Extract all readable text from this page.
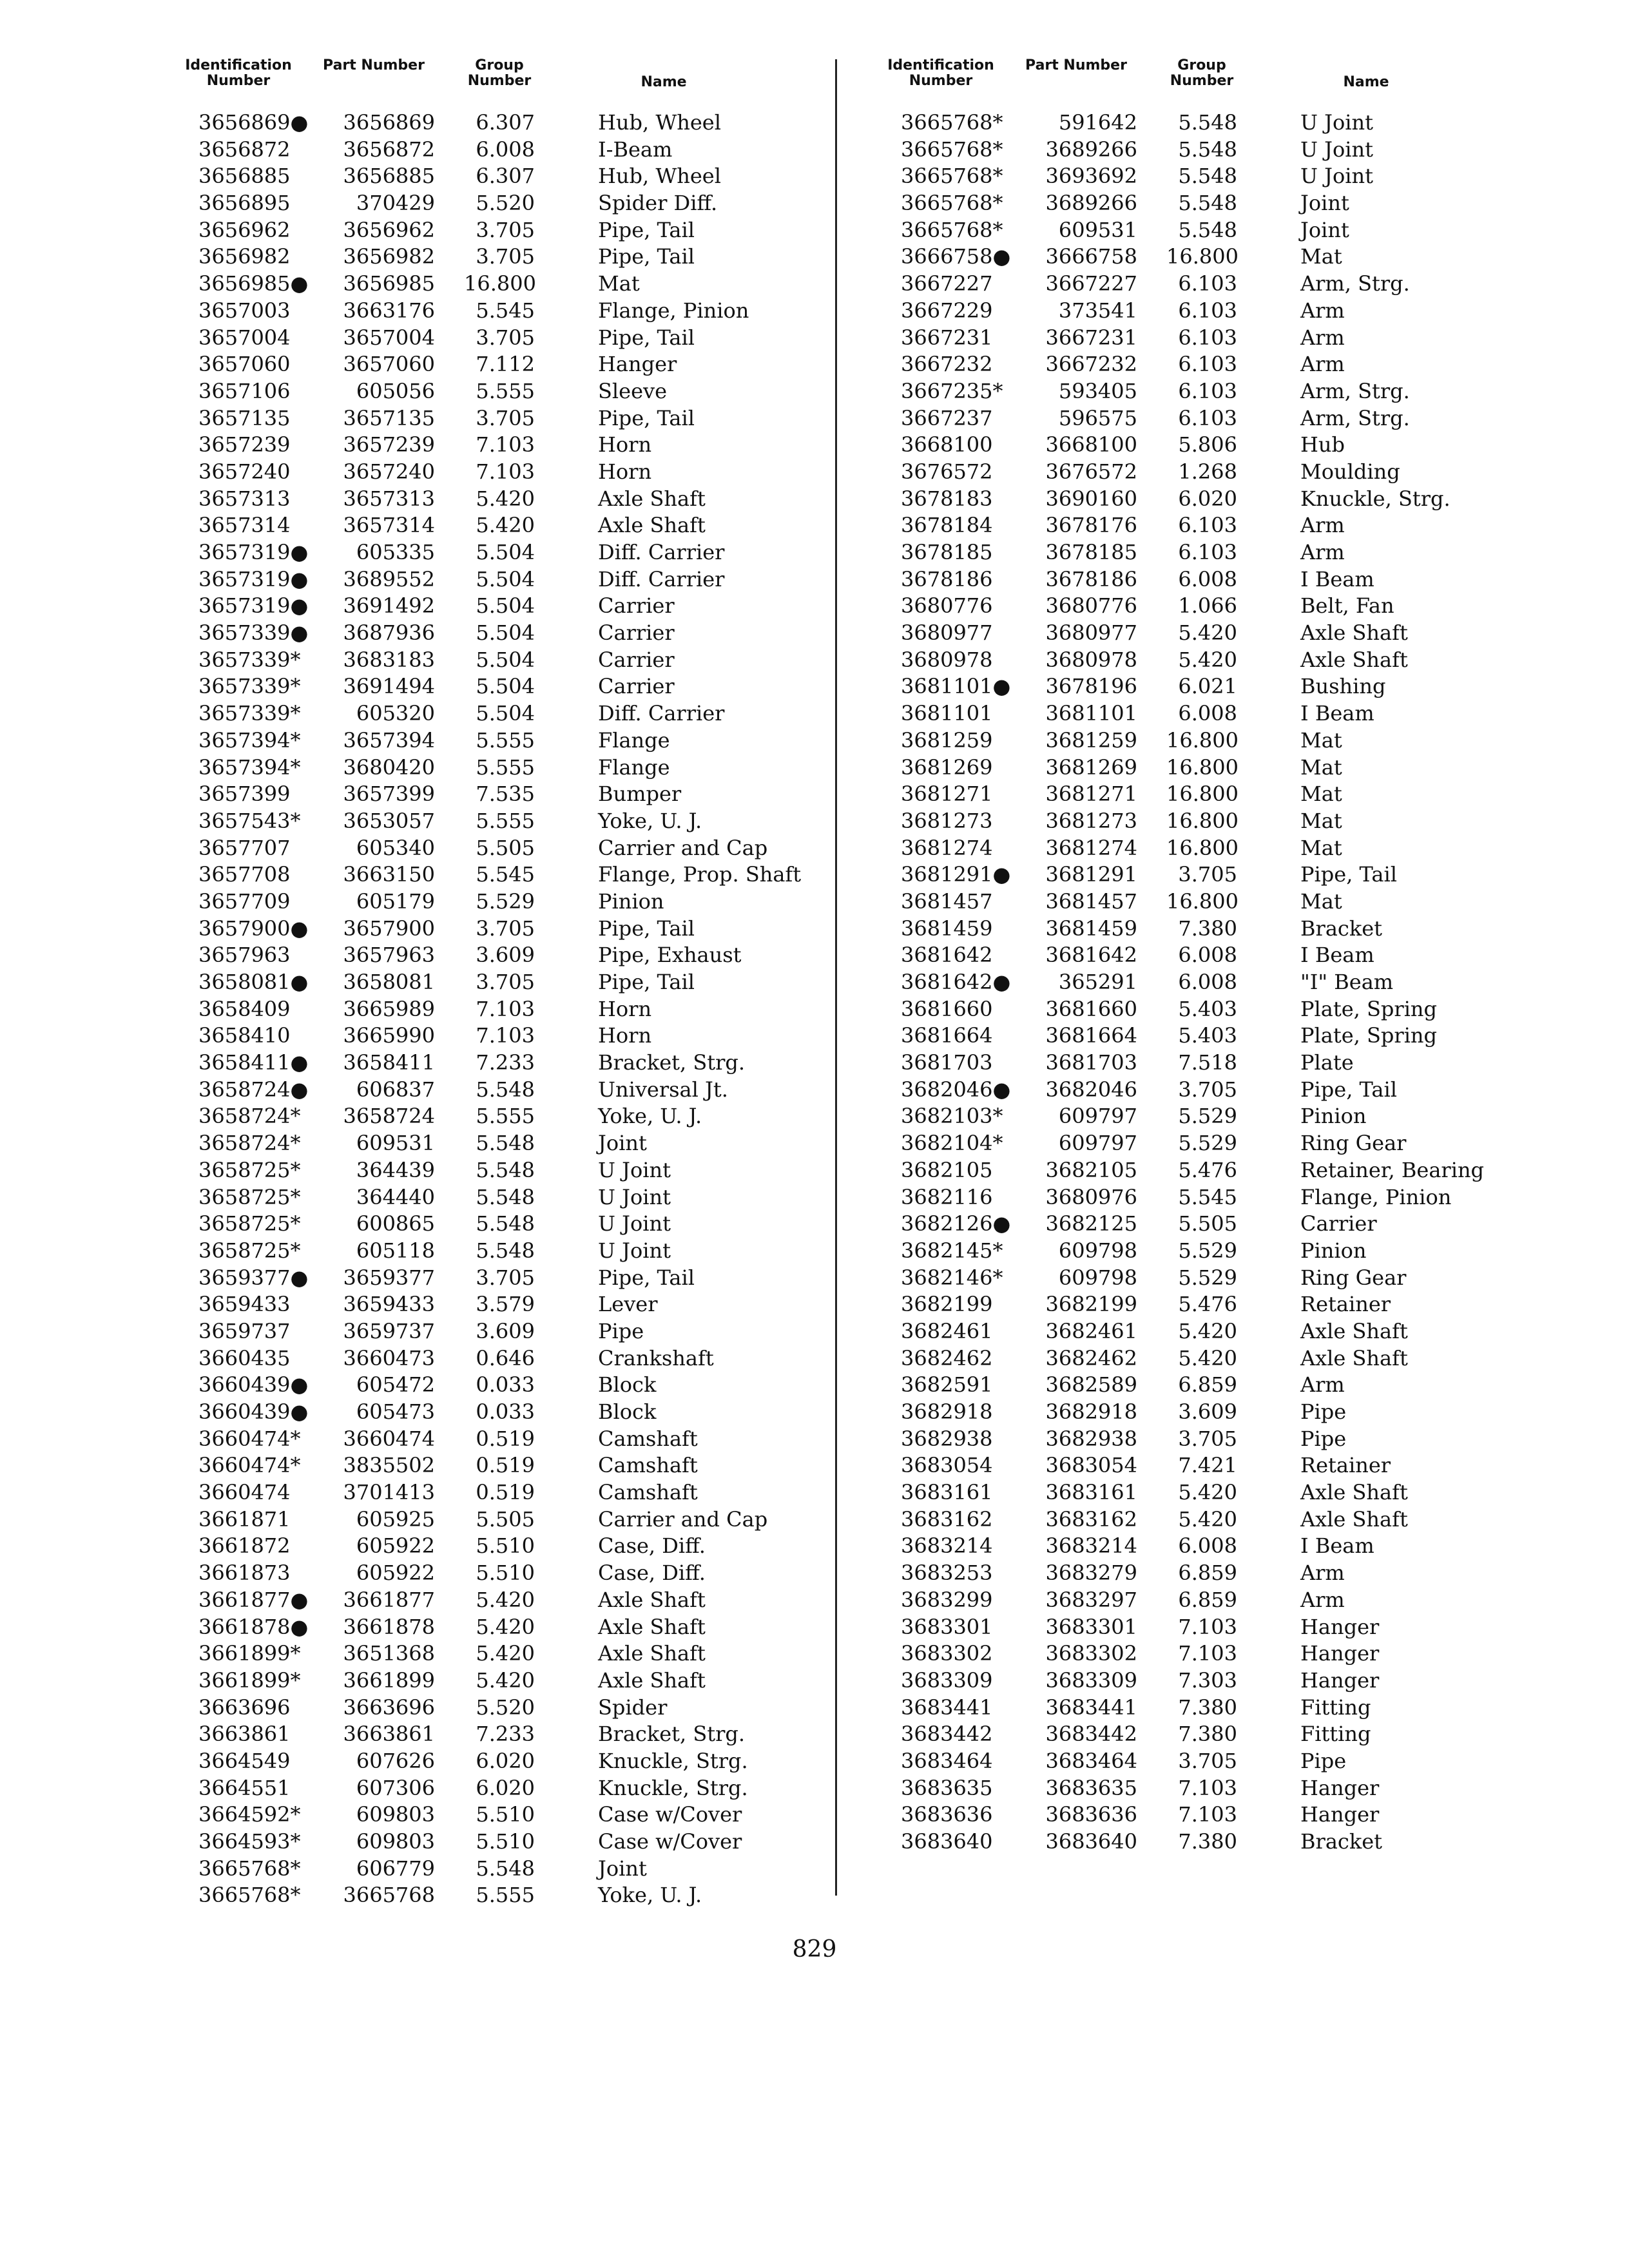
Identification Number
Part Number	Group Number	Name
3656869●	3656869	6.307	Hub, Wheel
3656872	3656872	6.008	I-Beam
3656885	3656885	6.307	Hub, Wheel
3656895	370429	5.520	Spider Diff.
3656962	3656962	3.705	Pipe, Tail
3656982	3656982	3.705	Pipe, Tail
3656985●	3656985 16.800	Mat
3657003	3663176	5.545	Flange, Pinion
3657004	3657004	3.705	Pipe, Tail
3657060	3657060	7.112	Hanger
3657106	605056	5.555	Sleeve
3657135	3657135	3.705	Pipe, Tail
3657239	3657239	7.103	Horn
3657240	3657240	7.103	Horn
3657313	3657313	5.420	Axle Shaft
3657314	3657314	5.420	Axle Shaft
3657319●	605335	5.504	Diff. Carrier
3657319●	3689552	5.504	Diff. Carrier
3657319●	3691492	5.504	Carrier
3657339●	3687936	5.504	Carrier
3657339*	3683183	5.504	Carrier
3657339*	3691494	5.504	Carrier
3657339*	605320	5.504	Diff. Carrier
3657394*	3657394	5.555	Flange
3657394*	3680420	5.555	Flange
3657399	3657399	7.535	Bumper
3657543*	3653057	5.555	Yoke, U. J.
3657707	605340	5.505	Carrier and Cap
3657708	3663150	5.545	Flange, Prop. Shaft
3657709	605179	5.529	Pinion
3657900●	3657900	3.705	Pipe, Tail
3657963	3657963	3.609	Pipe, Exhaust
3658081●	3658081	3.705	Pipe, Tail
3658409	3665989	7.103	Horn
3658410	3665990	7.103	Horn
3658411●	3658411	7.233	Bracket, Strg.
3658724●	606837	5.548	Universal Jt.
3658724*	3658724	5.555	Yoke, U. J.
3658724*	609531	5.548	Joint
3658725*	364439	5.548	U Joint
3658725*	364440	5.548	U Joint
3658725*	600865	5.548	U Joint
3658725*	605118	5.548	U Joint
3659377●	3659377	3.705	Pipe, Tail
3659433	3659433	3.579	Lever
3659737	3659737	3.609	Pipe
3660435	3660473	0.646	Crankshaft
3660439●	605472	0.033	Block
3660439●	605473	0.033	Block
3660474*	3660474	0.519	Camshaft
3660474*	3835502	0.519	Camshaft
3660474	3701413	0.519	Camshaft
3661871	605925	5.505	Carrier and Cap
3661872	605922	5.510	Case, Diff.
3661873	605922	5.510	Case, Diff.
3661877●	3661877	5.420	Axle Shaft
3661878●	3661878	5.420	Axle Shaft
3661899*	3651368	5.420	Axle Shaft
3661899*	3661899	5.420	Axle Shaft
3663696	3663696	5.520	Spider
3663861	3663861	7.233	Bracket, Strg.
3664549	607626	6.020	Knuckle, Strg.
3664551	607306	6.020	Knuckle, Strg.
3664592*	609803	5.510	Case w/Cover
3664593*	609803	5.510	Case w/Cover
3665768*	606779	5.548	Joint
3665768*	3665768	5.555	Yoke, U. J.
Identification Number
Part Number	Group Number	Name
3665768*	591642	5.548	U Joint
3665768*	3689266	5.548	U Joint
3665768*	3693692	5.548	U Joint
3665768*	3689266	5.548	Joint
3665768*	609531	5.548	Joint
3666758●	3666758 16.800	Mat
3667227	3667227	6.103	Arm, Strg.
3667229	373541	6.103	Arm
3667231	3667231	6.103	Arm
3667232	3667232	6.103	Arm
3667235*	593405	6.103	Arm, Strg.
3667237	596575	6.103	Arm, Strg.
3668100	3668100	5.806	Hub
3676572	3676572	1.268	Moulding
3678183	3690160	6.020	Knuckle, Strg.
3678184	3678176	6.103	Arm
3678185	3678185	6.103	Arm
3678186	3678186	6.008	I Beam
3680776	3680776	1.066	Belt, Fan
3680977	3680977	5.420	Axle Shaft
3680978	3680978	5.420	Axle Shaft
3681101●	3678196	6.021	Bushing
3681101	3681101	6.008	I Beam
3681259	3681259 16.800	Mat
3681269	3681269 16.800	Mat
3681271	3681271 16.800	Mat
3681273	3681273 16.800	Mat
3681274	3681274 16.800	Mat
3681291●	3681291	3.705	Pipe, Tail
3681457	3681457 16.800	Mat
3681459	3681459	7.380	Bracket
3681642	3681642	6.008	I Beam
3681642●	365291	6.008	"I" Beam
3681660	3681660	5.403	Plate, Spring
3681664	3681664	5.403	Plate, Spring
3681703	3681703	7.518	Plate
3682046●	3682046	3.705	Pipe, Tail
3682103*	609797	5.529	Pinion
3682104*	609797	5.529	Ring Gear
3682105	3682105	5.476	Retainer, Bearing
3682116	3680976	5.545	Flange, Pinion
3682126●	3682125	5.505	Carrier
3682145*	609798	5.529	Pinion
3682146*	609798	5.529	Ring Gear
3682199	3682199	5.476	Retainer
3682461	3682461	5.420	Axle Shaft
3682462	3682462	5.420	Axle Shaft
3682591	3682589	6.859	Arm
3682918	3682918	3.609	Pipe
3682938	3682938	3.705	Pipe
3683054	3683054	7.421	Retainer
3683161	3683161	5.420	Axle Shaft
3683162	3683162	5.420	Axle Shaft
3683214	3683214	6.008	I Beam
3683253	3683279	6.859	Arm
3683299	3683297	6.859	Arm
3683301	3683301	7.103	Hanger
3683302	3683302	7.103	Hanger
3683309	3683309	7.303	Hanger
3683441	3683441	7.380	Fitting
3683442	3683442	7.380	Fitting
3683464	3683464	3.705	Pipe
3683635	3683635	7.103	Hanger
3683636	3683636	7.103	Hanger
3683640	3683640	7.380	Bracket
829
